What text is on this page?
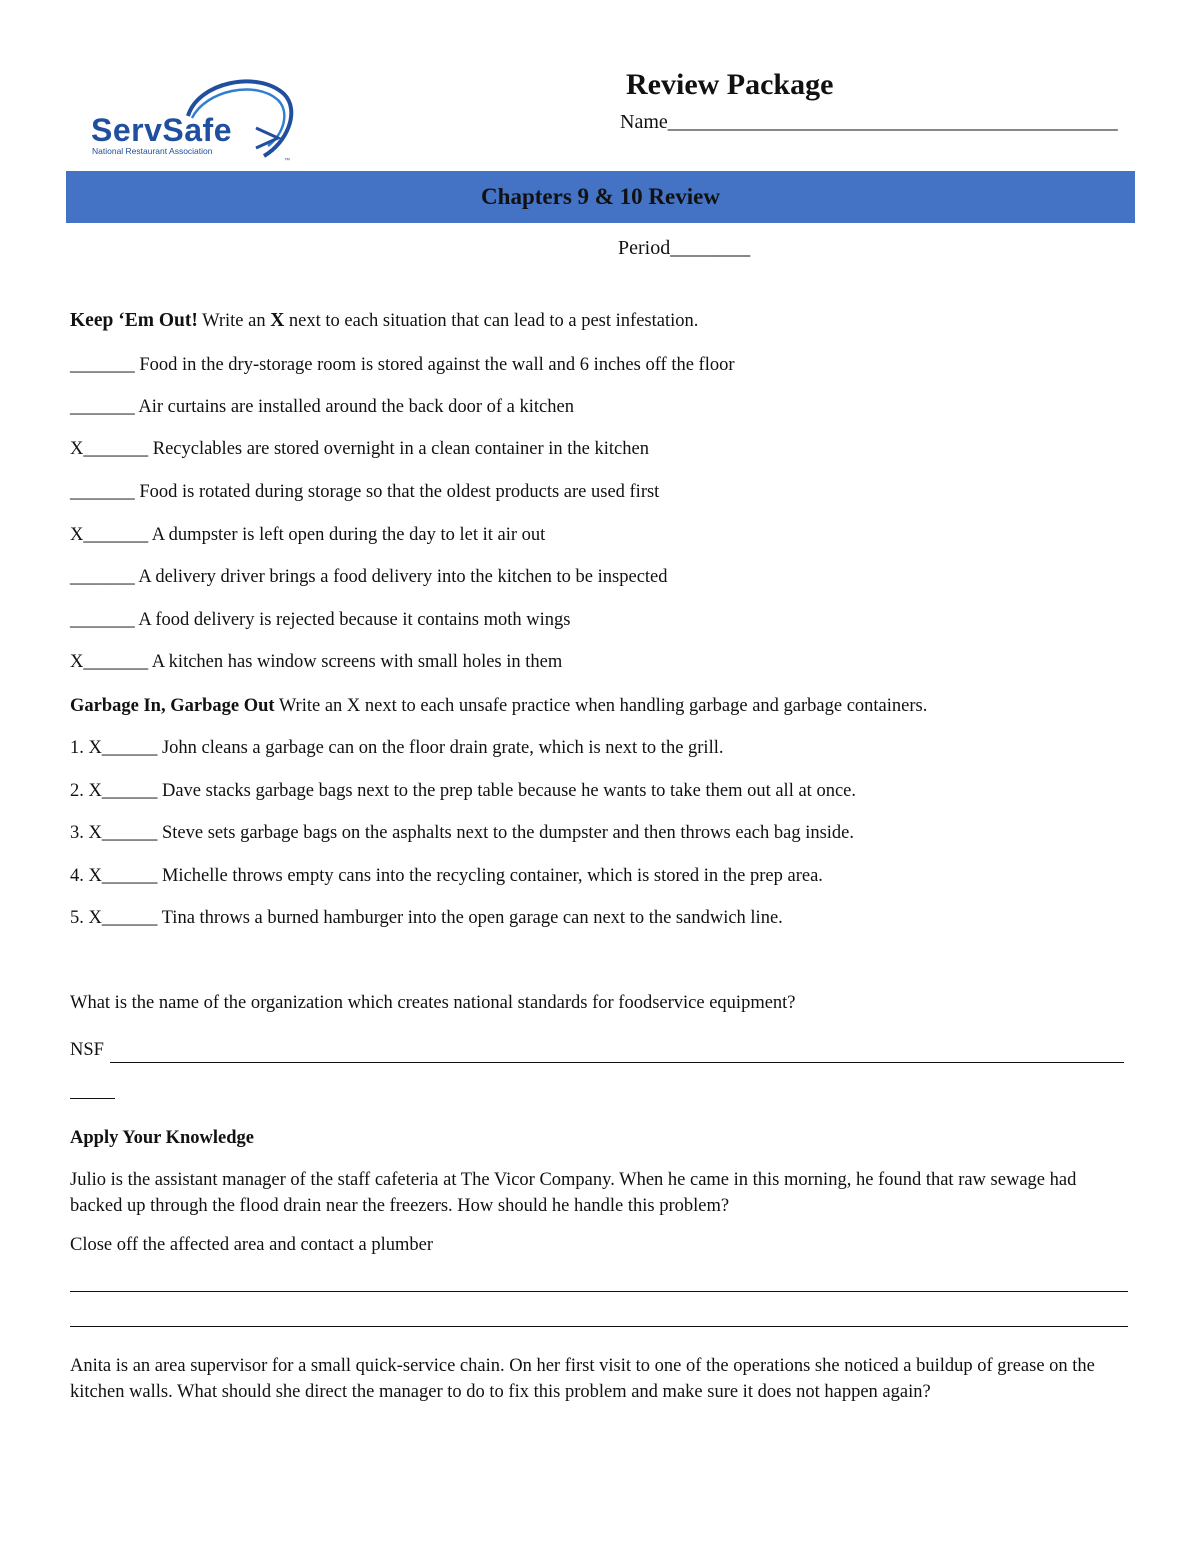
ServSafe
National Restaurant Association
™
Review Package
Name_____________________________________________
Chapters 9 & 10 Review
Period________
Keep ‘Em Out! Write an X next to each situation that can lead to a pest infestation.
_______ Food in the dry-storage room is stored against the wall and 6 inches off the floor
_______ Air curtains are installed around the back door of a kitchen
X_______ Recyclables are stored overnight in a clean container in the kitchen
_______ Food is rotated during storage so that the oldest products are used first
X_______ A dumpster is left open during the day to let it air out
_______ A delivery driver brings a food delivery into the kitchen to be inspected
_______ A food delivery is rejected because it contains moth wings
X_______ A kitchen has window screens with small holes in them
Garbage In, Garbage Out Write an X next to each unsafe practice when handling garbage and garbage containers.
1. X______ John cleans a garbage can on the floor drain grate, which is next to the grill.
2. X______ Dave stacks garbage bags next to the prep table because he wants to take them out all at once.
3. X______ Steve sets garbage bags on the asphalts next to the dumpster and then throws each bag inside.
4. X______ Michelle throws empty cans into the recycling container, which is stored in the prep area.
5. X______ Tina throws a burned hamburger into the open garage can next to the sandwich line.
What is the name of the organization which creates national standards for foodservice equipment?
NSF
Apply Your Knowledge
Julio is the assistant manager of the staff cafeteria at The Vicor Company. When he came in this morning, he found that raw sewage had backed up through the flood drain near the freezers. How should he handle this problem?
Close off the affected area and contact a plumber
Anita is an area supervisor for a small quick-service chain. On her first visit to one of the operations she noticed a buildup of grease on the kitchen walls. What should she direct the manager to do to fix this problem and make sure it does not happen again?
